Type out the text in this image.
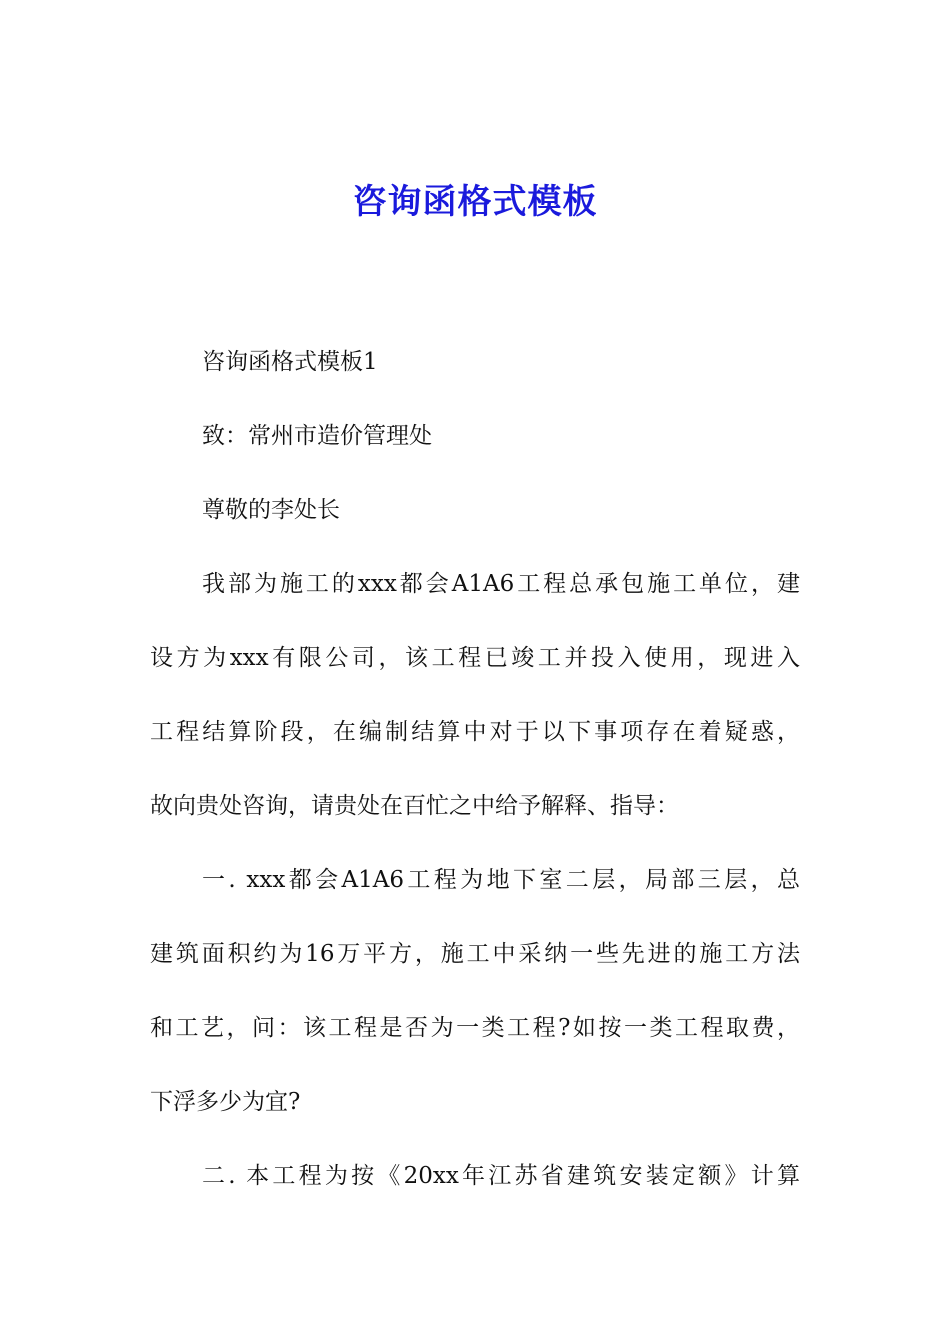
咨询函格式模板
咨询函格式模板1
致：常州市造价管理处
尊敬的李处长
我部为施工的xxx都会A1A6工程总承包施工单位，建
设方为xxx有限公司，该工程已竣工并投入使用，现进入
工程结算阶段，在编制结算中对于以下事项存在着疑惑，
故向贵处咨询，请贵处在百忙之中给予解释、指导：
一. xxx都会A1A6工程为地下室二层，局部三层，总
建筑面积约为16万平方，施工中采纳一些先进的施工方法
和工艺，问：该工程是否为一类工程?如按一类工程取费，
下浮多少为宜?
二. 本工程为按《20xx年江苏省建筑安装定额》计算
